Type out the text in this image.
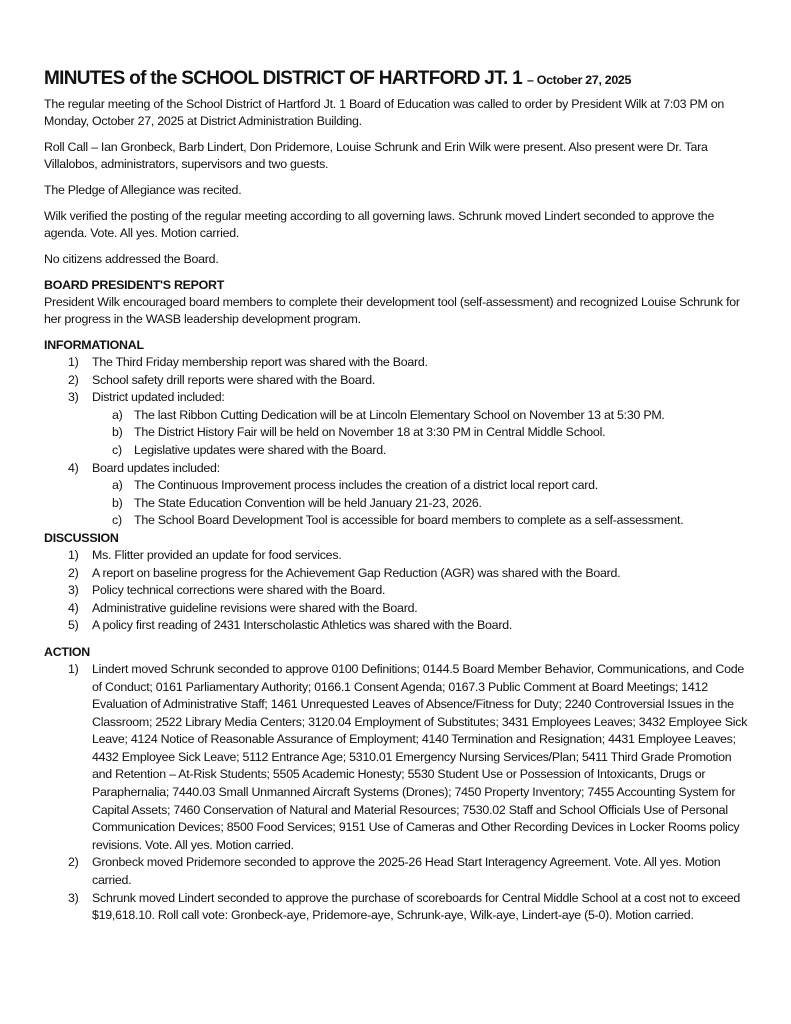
MINUTES of the SCHOOL DISTRICT OF HARTFORD JT. 1 – October 27, 2025

The regular meeting of the School District of Hartford Jt. 1 Board of Education was called to order by President Wilk at 7:03 PM on Monday, October 27, 2025 at District Administration Building.

Roll Call – Ian Gronbeck, Barb Lindert, Don Pridemore, Louise Schrunk and Erin Wilk were present. Also present were Dr. Tara Villalobos, administrators, supervisors and two guests.

The Pledge of Allegiance was recited.

Wilk verified the posting of the regular meeting according to all governing laws. Schrunk moved Lindert seconded to approve the agenda. Vote. All yes. Motion carried.

No citizens addressed the Board.

BOARD PRESIDENT'S REPORT

President Wilk encouraged board members to complete their development tool (self-assessment) and recognized Louise Schrunk for her progress in the WASB leadership development program.

INFORMATIONAL
1)	The Third Friday membership report was shared with the Board.
2)	School safety drill reports were shared with the Board.
3)	District updated included:
a) The last Ribbon Cutting Dedication will be at Lincoln Elementary School on November 13 at 5:30 PM.
b) The District History Fair will be held on November 18 at 3:30 PM in Central Middle School.
c) Legislative updates were shared with the Board.
4)	Board updates included:
a) The Continuous Improvement process includes the creation of a district local report card.
b) The State Education Convention will be held January 21-23, 2026.
c) The School Board Development Tool is accessible for board members to complete as a self-assessment.
DISCUSSION
1)	Ms. Flitter provided an update for food services.
2)	A report on baseline progress for the Achievement Gap Reduction (AGR) was shared with the Board.
3)	Policy technical corrections were shared with the Board.
4)	Administrative guideline revisions were shared with the Board.
5)	A policy first reading of 2431 Interscholastic Athletics was shared with the Board.
ACTION
1)	Lindert moved Schrunk seconded to approve 0100 Definitions; 0144.5 Board Member Behavior, Communications, and Code of Conduct; 0161 Parliamentary Authority; 0166.1 Consent Agenda; 0167.3 Public Comment at Board Meetings; 1412 Evaluation of Administrative Staff; 1461 Unrequested Leaves of Absence/Fitness for Duty; 2240 Controversial Issues in the Classroom; 2522 Library Media Centers; 3120.04 Employment of Substitutes; 3431 Employees Leaves; 3432 Employee Sick Leave; 4124 Notice of Reasonable Assurance of Employment; 4140 Termination and Resignation; 4431 Employee Leaves; 4432 Employee Sick Leave; 5112 Entrance Age; 5310.01 Emergency Nursing Services/Plan; 5411 Third Grade Promotion and Retention – At-Risk Students; 5505 Academic Honesty; 5530 Student Use or Possession of Intoxicants, Drugs or Paraphernalia; 7440.03 Small Unmanned Aircraft Systems (Drones); 7450 Property Inventory; 7455 Accounting System for Capital Assets; 7460 Conservation of Natural and Material Resources; 7530.02 Staff and School Officials Use of Personal Communication Devices; 8500 Food Services; 9151 Use of Cameras and Other Recording Devices in Locker Rooms policy revisions. Vote. All yes. Motion carried.
2)	Gronbeck moved Pridemore seconded to approve the 2025-26 Head Start Interagency Agreement. Vote. All yes. Motion carried.
3)	Schrunk moved Lindert seconded to approve the purchase of scoreboards for Central Middle School at a cost not to exceed $19,618.10. Roll call vote: Gronbeck-aye, Pridemore-aye, Schrunk-aye, Wilk-aye, Lindert-aye (5-0). Motion carried.
